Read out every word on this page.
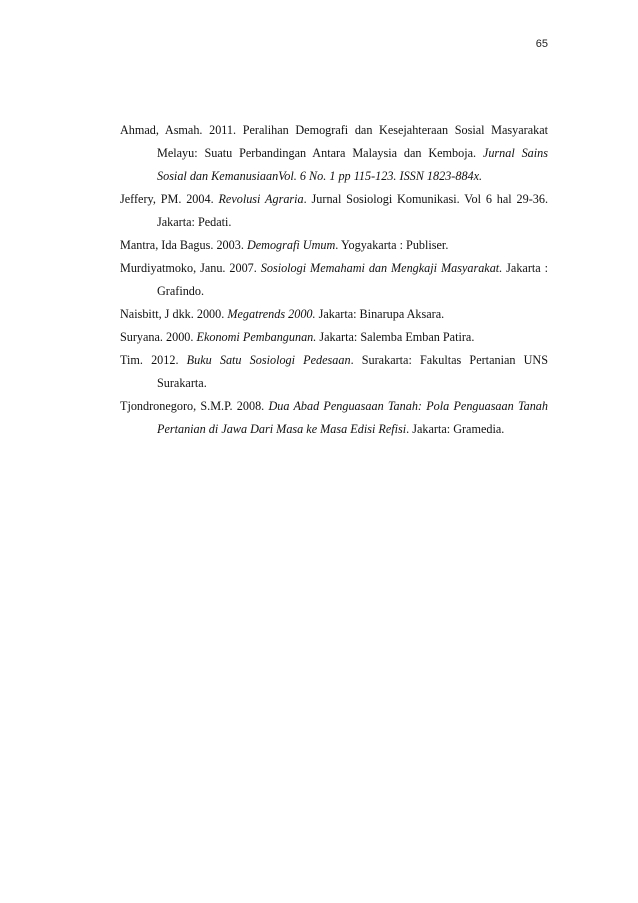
65
Ahmad, Asmah. 2011. Peralihan Demografi dan Kesejahteraan Sosial Masyarakat Melayu: Suatu Perbandingan Antara Malaysia dan Kemboja. Jurnal Sains Sosial dan KemanusiaanVol. 6 No. 1 pp 115-123. ISSN 1823-884x.
Jeffery, PM. 2004. Revolusi Agraria. Jurnal Sosiologi Komunikasi. Vol 6 hal 29-36. Jakarta: Pedati.
Mantra, Ida Bagus. 2003. Demografi Umum. Yogyakarta : Publiser.
Murdiyatmoko, Janu. 2007. Sosiologi Memahami dan Mengkaji Masyarakat. Jakarta : Grafindo.
Naisbitt, J dkk. 2000. Megatrends 2000. Jakarta: Binarupa Aksara.
Suryana. 2000. Ekonomi Pembangunan. Jakarta: Salemba Emban Patira.
Tim. 2012. Buku Satu Sosiologi Pedesaan. Surakarta: Fakultas Pertanian UNS Surakarta.
Tjondronegoro, S.M.P. 2008. Dua Abad Penguasaan Tanah: Pola Penguasaan Tanah Pertanian di Jawa Dari Masa ke Masa Edisi Refisi. Jakarta: Gramedia.
